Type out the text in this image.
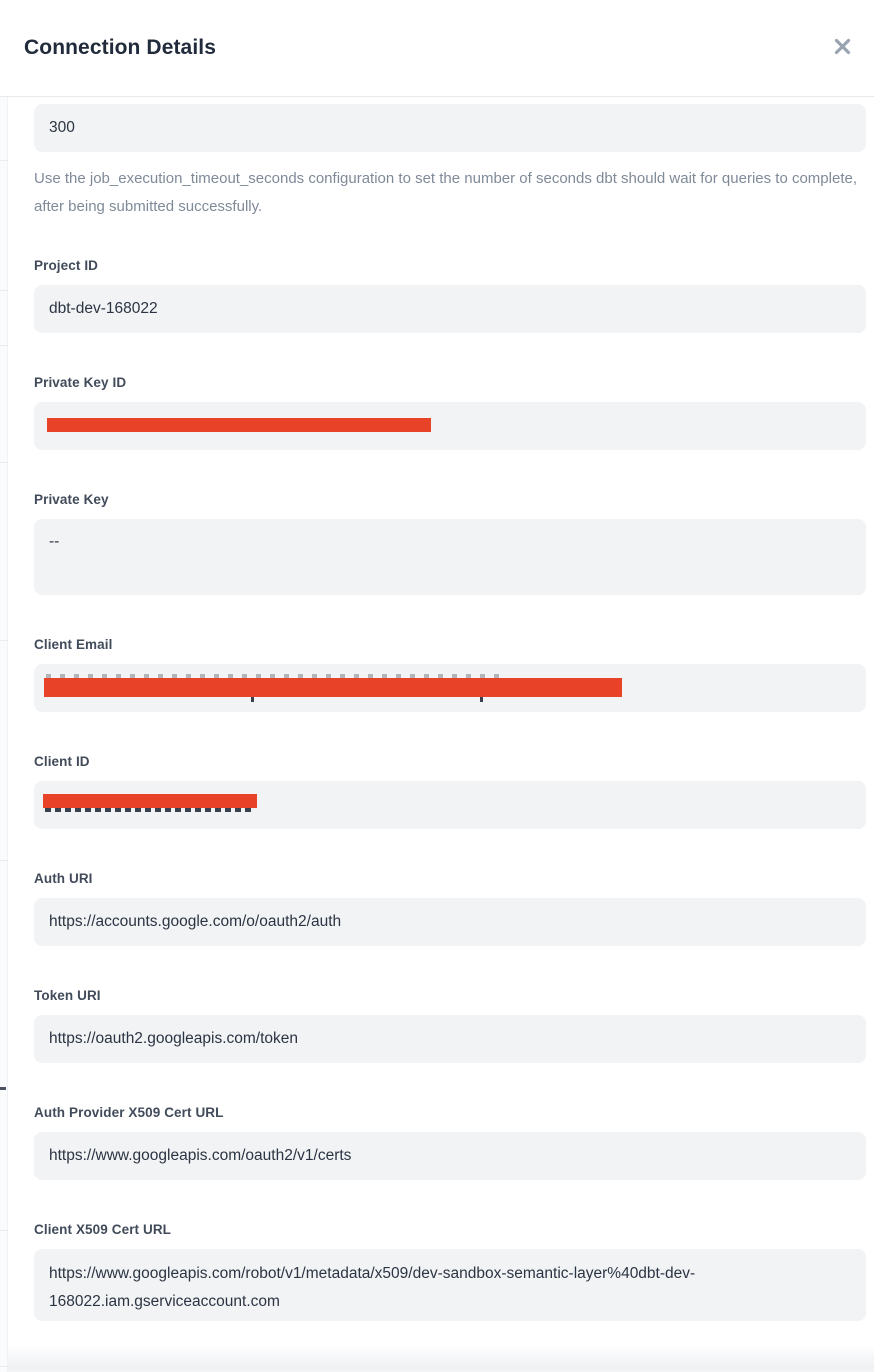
Connection Details
300

Use the job_execution_timeout_seconds configuration to set the number of seconds dbt should wait for queries to complete, after being submitted successfully.

Project ID
dbt-dev-168022
Private Key ID
Private Key
--
Client Email
Client ID
Auth URI
https://accounts.google.com/o/oauth2/auth
Token URI
https://oauth2.googleapis.com/token
Auth Provider X509 Cert URL
https://www.googleapis.com/oauth2/v1/certs
Client X509 Cert URL
https://www.googleapis.com/robot/v1/metadata/x509/dev-sandbox-semantic-layer%40dbt-dev-168022.iam.gserviceaccount.com
